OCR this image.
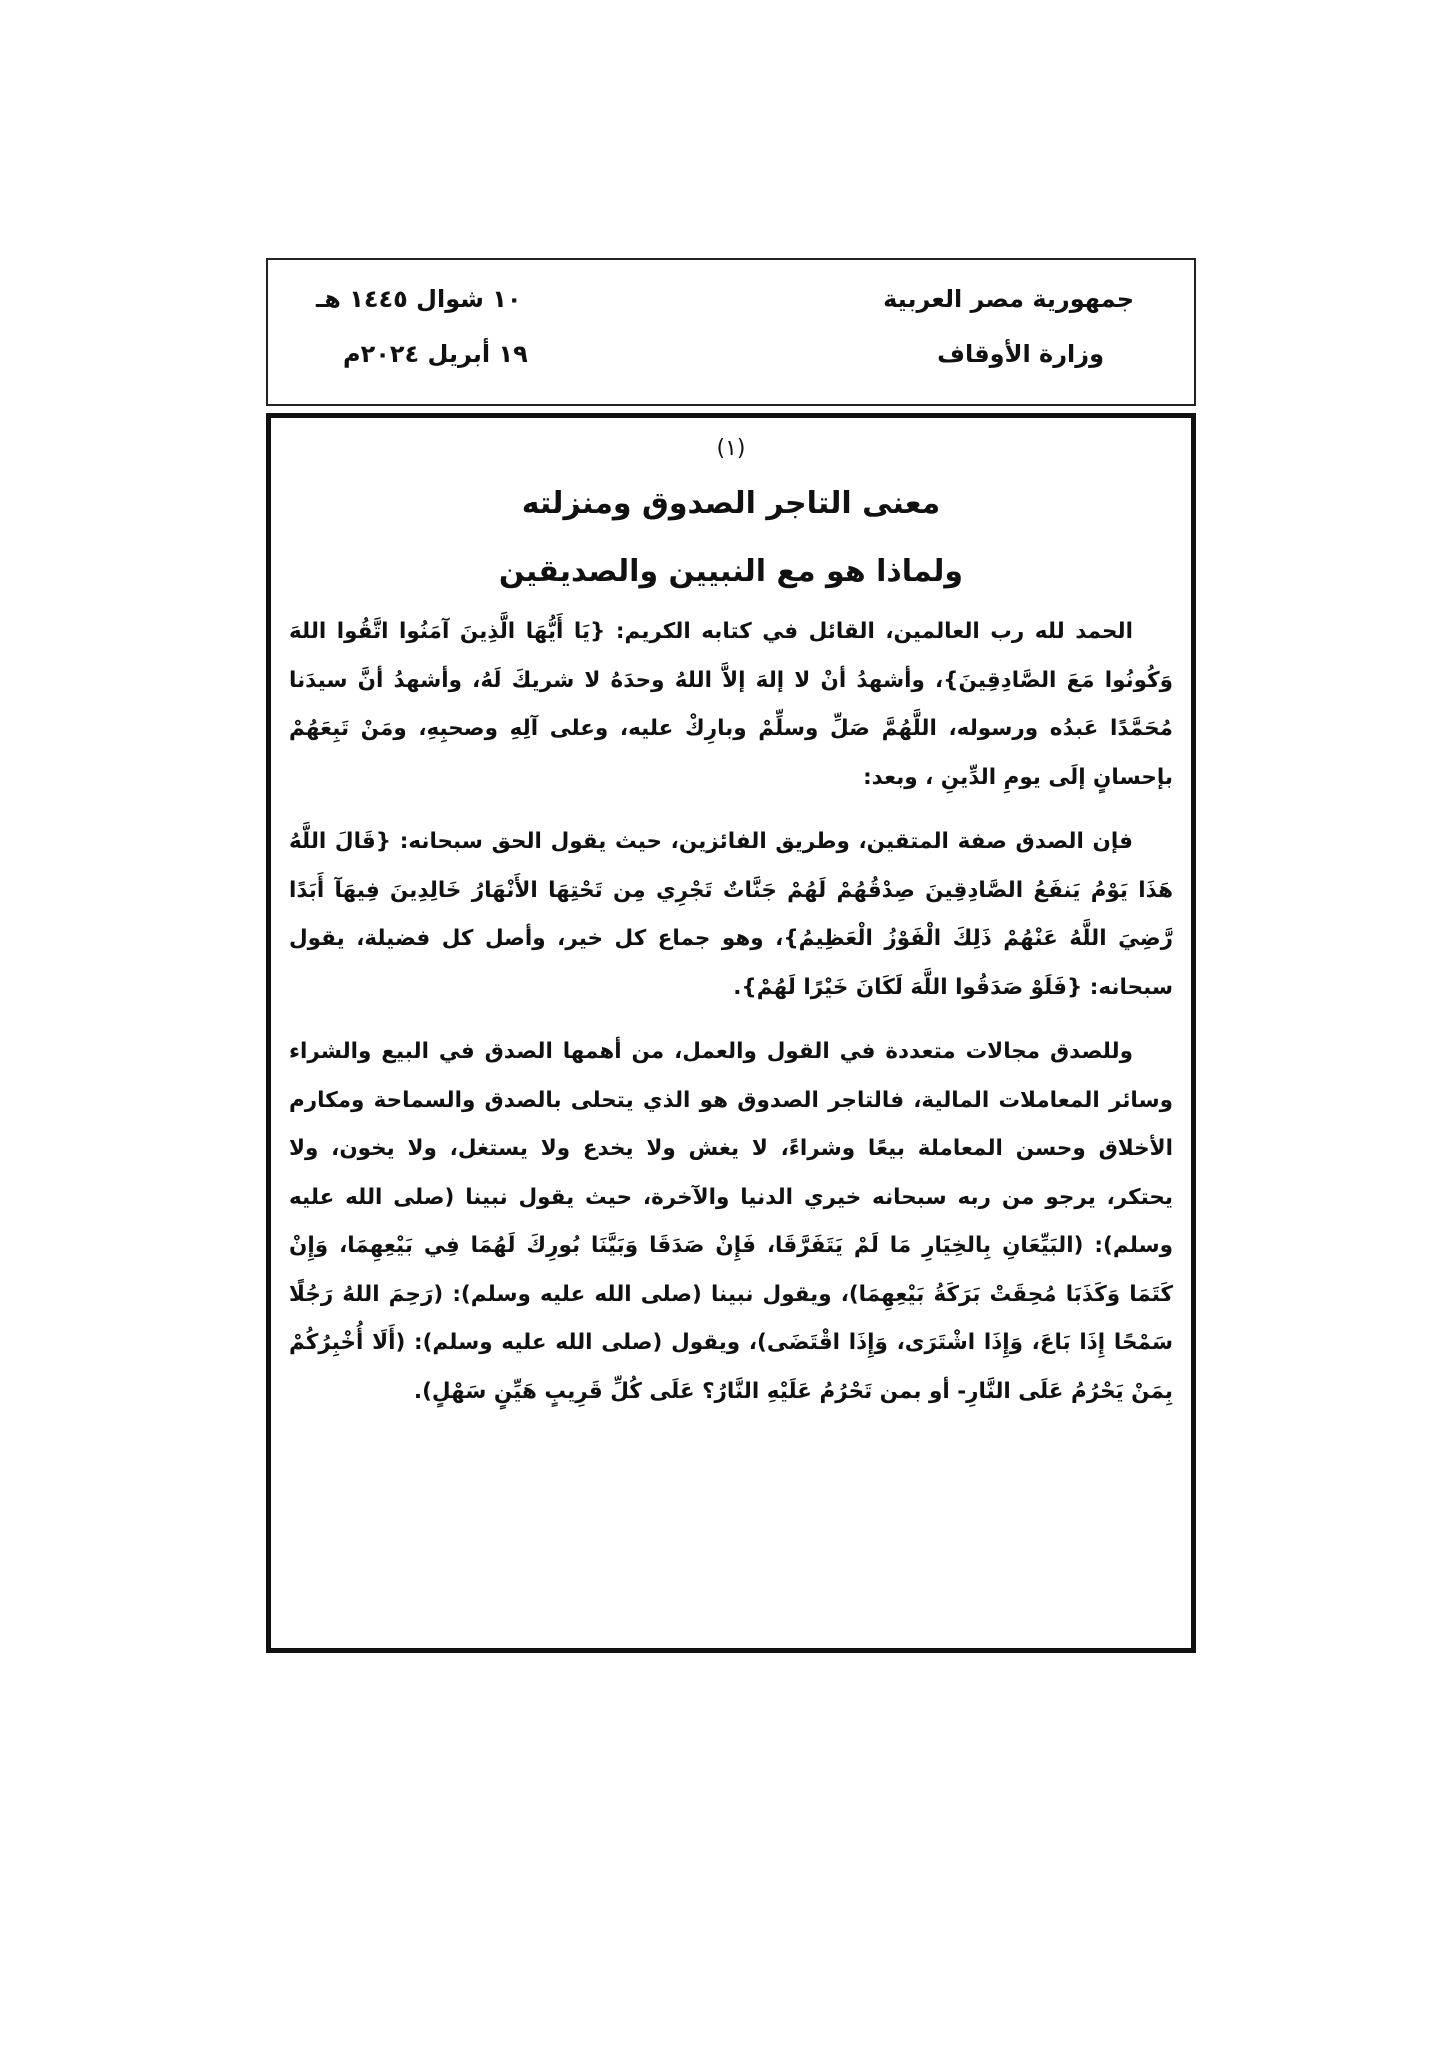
جمهورية مصر العربية
وزارة الأوقاف
١٠ شوال ١٤٤٥ هـ
١٩ أبريل ٢٠٢٤م
(١)
معنى التاجر الصدوق ومنزلته
ولماذا هو مع النبيين والصديقين

الحمد لله رب العالمين، القائل في كتابه الكريم: {يَا أَيُّهَا الَّذِينَ آمَنُوا اتَّقُوا اللهَ وَكُونُوا مَعَ الصَّادِقِينَ}، وأشهدُ أنْ لا إلهَ إلاَّ اللهُ وحدَهُ لا شريكَ لَهُ، وأشهدُ أنَّ سيدَنا مُحَمَّدًا عَبدُه ورسوله، اللَّهُمَّ صَلِّ وسلِّمْ وبارِكْ عليه، وعلى آلِهِ وصحبِهِ، ومَنْ تَبِعَهُمْ بإحسانٍ إلَى يومِ الدِّينِ ، وبعد:

فإن الصدق صفة المتقين، وطريق الفائزين، حيث يقول الحق سبحانه: {قَالَ اللَّهُ هَذَا يَوْمُ يَنفَعُ الصَّادِقِينَ صِدْقُهُمْ لَهُمْ جَنَّاتٌ تَجْرِي مِن تَحْتِهَا الأَنْهَارُ خَالِدِينَ فِيهَآ أَبَدًا رَّضِيَ اللَّهُ عَنْهُمْ ذَلِكَ الْفَوْزُ الْعَظِيمُ}، وهو جماع كل خير، وأصل كل فضيلة، يقول سبحانه: {فَلَوْ صَدَقُوا اللَّهَ لَكَانَ خَيْرًا لَهُمْ}.

وللصدق مجالات متعددة في القول والعمل، من أهمها الصدق في البيع والشراء وسائر المعاملات المالية، فالتاجر الصدوق هو الذي يتحلى بالصدق والسماحة ومكارم الأخلاق وحسن المعاملة بيعًا وشراءً، لا يغش ولا يخدع ولا يستغل، ولا يخون، ولا يحتكر، يرجو من ربه سبحانه خيري الدنيا والآخرة، حيث يقول نبينا (صلى الله عليه وسلم): (البَيِّعَانِ بِالخِيَارِ مَا لَمْ يَتَفَرَّقَا، فَإِنْ صَدَقَا وَبَيَّنَا بُورِكَ لَهُمَا فِي بَيْعِهِمَا، وَإِنْ كَتَمَا وَكَذَبَا مُحِقَتْ بَرَكَةُ بَيْعِهِمَا)، ويقول نبينا (صلى الله عليه وسلم): (رَحِمَ اللهُ رَجُلًا سَمْحًا إِذَا بَاعَ، وَإِذَا اشْتَرَى، وَإِذَا اقْتَضَى)، ويقول (صلى الله عليه وسلم): (أَلَا أُخْبِرُكُمْ بِمَنْ يَحْرُمُ عَلَى النَّارِ- أو بمن تَحْرُمُ عَلَيْهِ النَّارُ؟ عَلَى كُلِّ قَرِيبٍ هَيِّنٍ سَهْلٍ).
